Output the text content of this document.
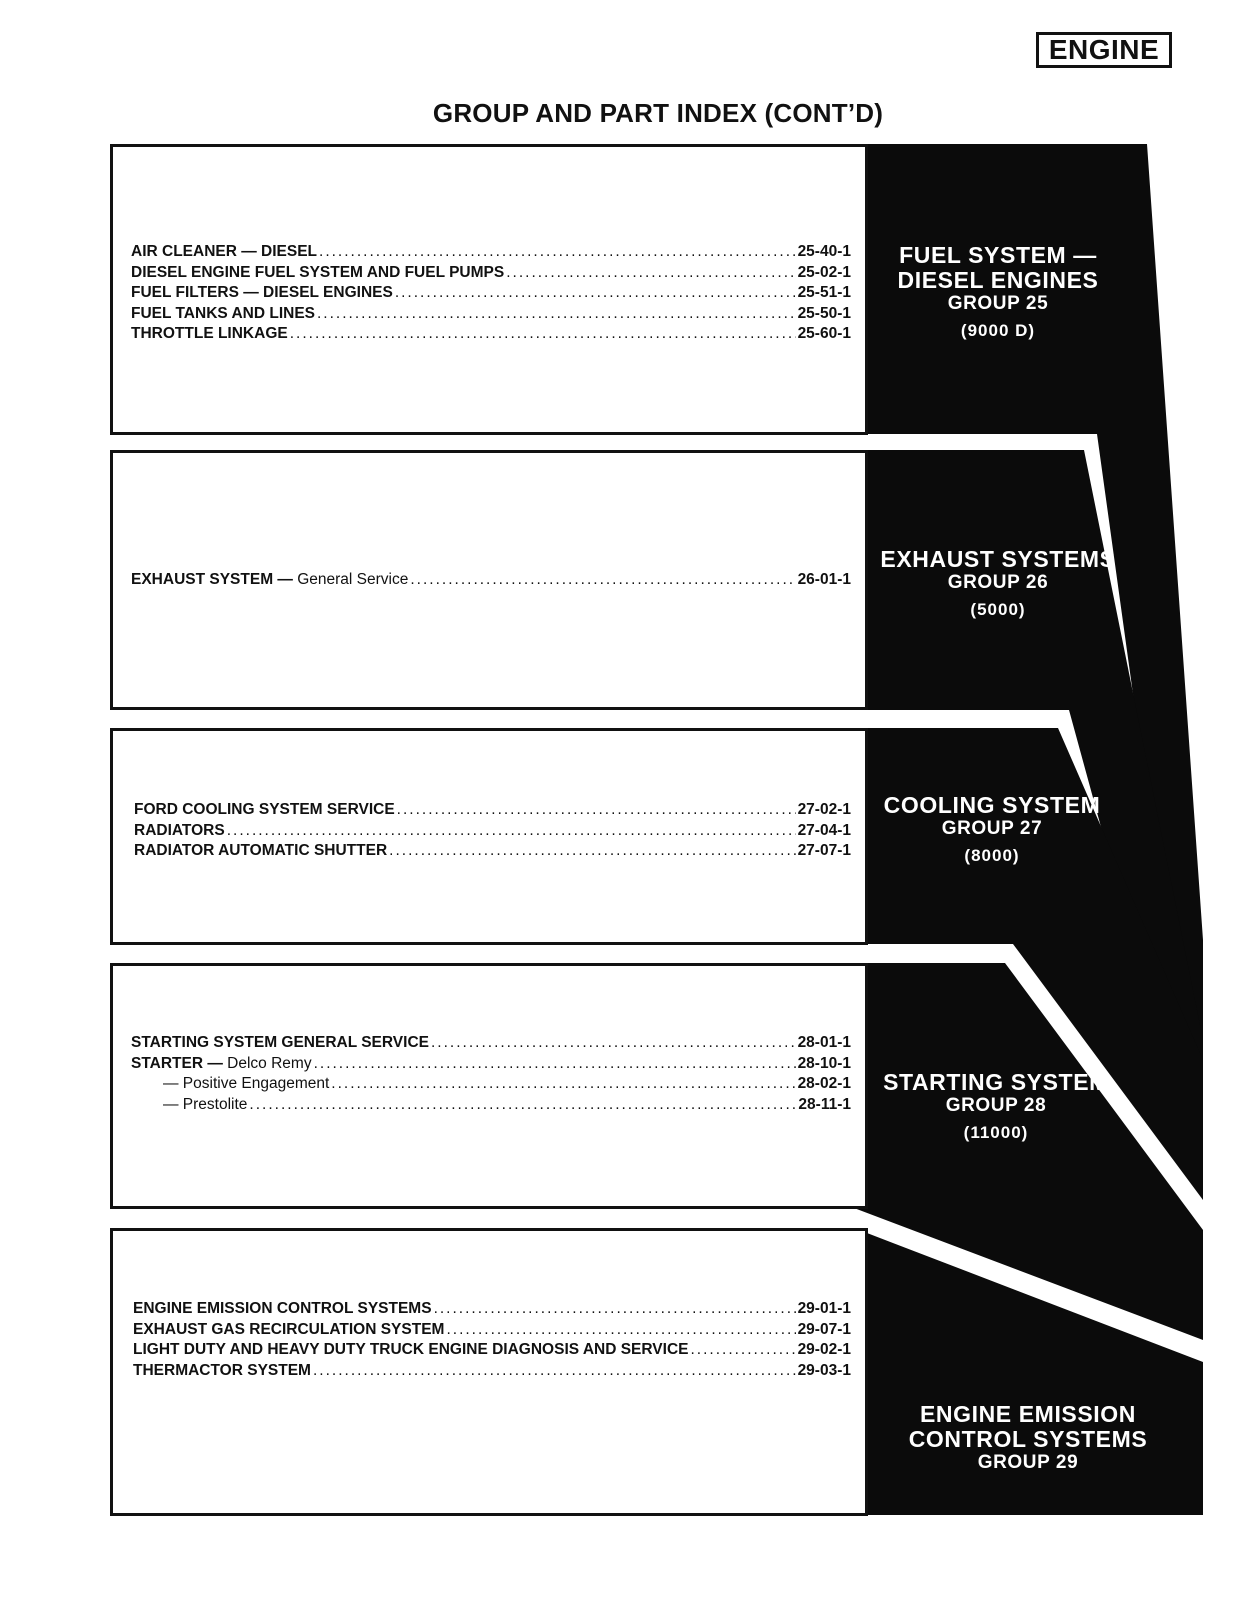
ENGINE
GROUP AND PART INDEX (CONT’D)
AIR CLEANER — DIESEL .....	25-40-1
DIESEL ENGINE FUEL SYSTEM AND FUEL PUMPS .....	25-02-1
FUEL FILTERS — DIESEL ENGINES .....	25-51-1
FUEL TANKS AND LINES .....	25-50-1
THROTTLE LINKAGE .....	25-60-1
FUEL SYSTEM —
DIESEL ENGINES
GROUP 25
(9000 D)
EXHAUST SYSTEM — General Service .....	26-01-1
EXHAUST SYSTEMS
GROUP 26
(5000)
FORD COOLING SYSTEM SERVICE .....	27-02-1
RADIATORS .....	27-04-1
RADIATOR AUTOMATIC SHUTTER .....	27-07-1
COOLING SYSTEM
GROUP 27
(8000)
STARTING SYSTEM GENERAL SERVICE .....	28-01-1
STARTER — Delco Remy .....	28-10-1
— Positive Engagement .....	28-02-1
— Prestolite .....	28-11-1
STARTING SYSTEM
GROUP 28
(11000)
ENGINE EMISSION CONTROL SYSTEMS .....	29-01-1
EXHAUST GAS RECIRCULATION SYSTEM .....	29-07-1
LIGHT DUTY AND HEAVY DUTY TRUCK ENGINE DIAGNOSIS AND SERVICE .....	29-02-1
THERMACTOR SYSTEM .....	29-03-1
ENGINE EMISSION
CONTROL SYSTEMS
GROUP 29
